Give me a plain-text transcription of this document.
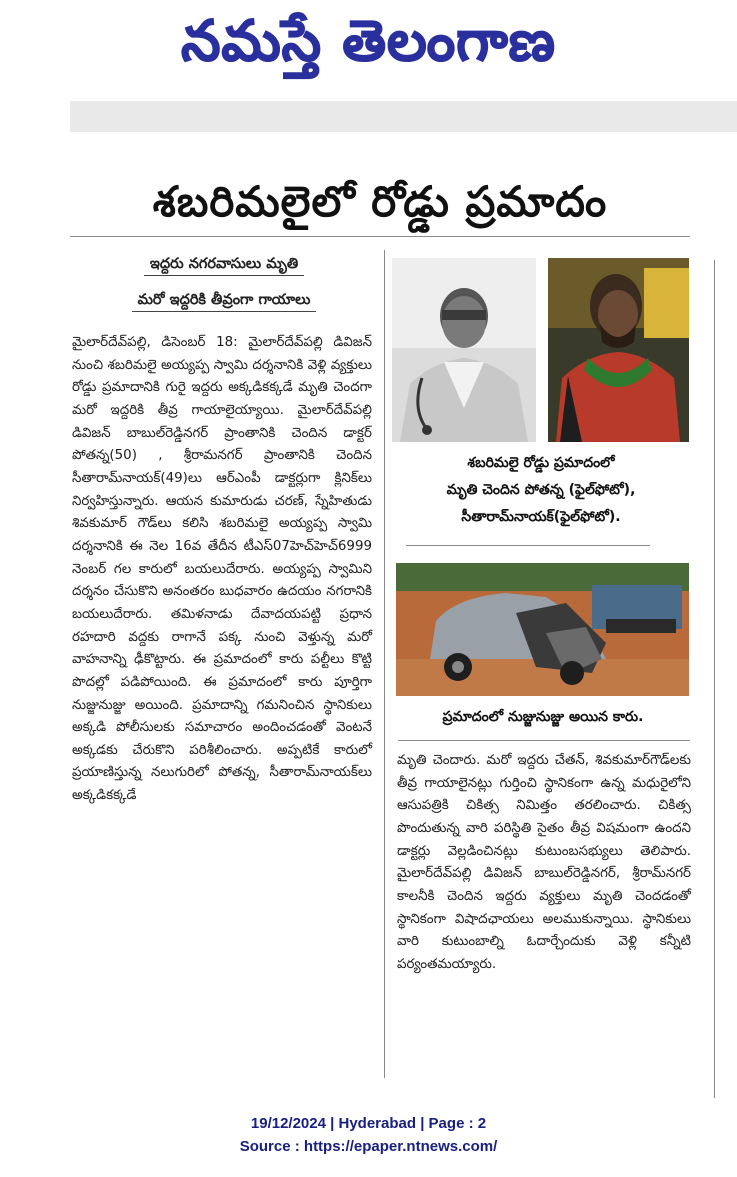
నమస్తే తెలంగాణ
శబరిమలైలో రోడ్డు ప్రమాదం
ఇద్దరు నగరవాసులు మృతి
మరో ఇద్దరికి తీవ్రంగా గాయాలు

మైలార్‌దేవ్‌పల్లి, డిసెంబర్ 18: మైలార్‌దేవ్‌పల్లి డివిజన్ నుంచి శబరిమలై అయ్యప్ప స్వామి దర్శనానికి వెళ్లి వ్యక్తులు రోడ్డు ప్రమాదానికి గురై ఇద్దరు అక్కడికక్కడే మృతి చెందగా మరో ఇద్దరికి తీవ్ర గాయాలైయ్యాయి. మైలార్‌దేవ్‌పల్లి డివిజన్ బాబుల్‌రెడ్డినగర్ ప్రాంతానికి చెందిన డాక్టర్ పోతన్న(50) , శ్రీరామనగర్ ప్రాంతానికి చెందిన సీతారామ్‌నాయక్(49)లు ఆర్‌ఎంపీ డాక్టర్లుగా క్లినిక్‌లు నిర్వహిస్తున్నారు. ఆయన కుమారుడు చరణ్, స్నేహితుడు శివకుమార్ గౌడ్‌లు కలిసి శబరిమలై అయ్యప్ప స్వామి దర్శనానికి ఈ నెల 16వ తేదీన టీఎస్07హెచ్‌హెచ్6999 నెంబర్ గల కారులో బయలుదేరారు. అయ్యప్ప స్వామిని దర్శనం చేసుకొని అనంతరం బుధవారం ఉదయం నగరానికి బయలుదేరారు. తమిళనాడు దేవాదయపట్టి ప్రధాన రహదారి వద్దకు రాగానే పక్క నుంచి వెళ్తున్న మరో వాహనాన్ని ఢీకొట్టారు. ఈ ప్రమాదంలో కారు పల్టీలు కొట్టి పొదల్లో పడిపోయింది. ఈ ప్రమాదంలో కారు పూర్తిగా నుజ్జునుజ్జు అయింది. ప్రమాదాన్ని గమనించిన స్థానికులు అక్కడి పోలీసులకు సమాచారం అందించడంతో వెంటనే అక్కడకు చేరుకొని పరిశీలించారు. అప్పటికే కారులో ప్రయాణిస్తున్న నలుగురిలో పోతన్న, సీతారామ్‌నాయక్‌లు అక్కడికక్కడే

శబరిమలై రోడ్డు ప్రమాదంలో
మృతి చెందిన పోతన్న (ఫైల్‌ఫోటో),
సీతారామ్‌నాయక్(ఫైల్‌ఫోటో).
ప్రమాదంలో నుజ్జునుజ్జు అయిన కారు.

మృతి చెందారు. మరో ఇద్దరు చేతన్, శివకుమార్‌గౌడ్‌లకు తీవ్ర గాయాలైనట్లు గుర్తించి స్థానికంగా ఉన్న మధురైలోని ఆసుపత్రికి చికిత్స నిమిత్తం తరలించారు. చికిత్స పొందుతున్న వారి పరిస్థితి సైతం తీవ్ర విషమంగా ఉందని డాక్టర్లు వెల్లడించినట్లు కుటుంబసభ్యులు తెలిపారు. మైలార్‌దేవ్‌పల్లి డివిజన్ బాబుల్‌రెడ్డినగర్, శ్రీరామ్‌నగర్ కాలనీకి చెందిన ఇద్దరు వ్యక్తులు మృతి చెందడంతో స్థానికంగా విషాదఛాయలు అలముకున్నాయి. స్థానికులు వారి కుటుంబాల్ని ఓదార్చేందుకు వెళ్లి కన్నీటి పర్యంతమయ్యారు.

19/12/2024 | Hyderabad | Page : 2
Source : https://epaper.ntnews.com/
